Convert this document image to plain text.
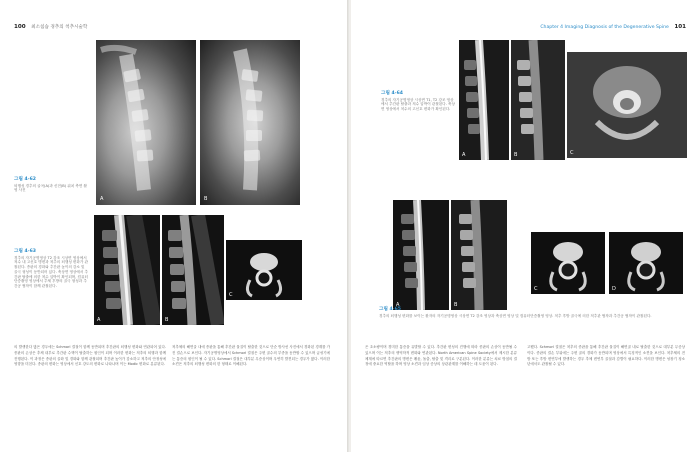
100 최소침습 경추의 척추시술학
A	B
그림 4-62
퇴행성 경추의 굴곡(A)과 신전(B) 위치 측면 촬영 사진
그림 4-63
경추의 자기공명영상 T2 강조 시상면 영상에서 척수 내 고신호 병변과 척추의 퇴행성 변화가 관찰된다. 종판의 경화와 추간판 높이의 감소 및 골극 형성이 동반되어 있다. 축상면 영상에서 추간판 탈출에 의한 척수 압박이 확인되며, 컴퓨터단층촬영 영상에서 추체 후방의 골극 형성과 추간공 협착이 함께 관찰된다.
A	B
C
의 발생한다 많은 경우에는 Schmorl 결절이 함께 동반되며 추간판의 퇴행성 변화와 연관되어 있다. 종판의 손상은 추체 내부로 추간판 수핵이 탈출하는 원인이 되며 이러한 변화는 척추의 퇴행과 함께 진행된다. 이 과정은 종판의 골화 및 경화와 함께 관찰되며 추간판 높이가 감소하고 척추의 안정성에 영향을 미친다. 종판의 변화는 영상에서 신호 강도의 변화로 나타나며 이는 Modic 변화로 분류된다.
척추체의 해면골 내에 종판을 통해 추간판 물질이 탈출한 것으로 단순 방사선 사진에서 경화된 경계를 가진 결손으로 보인다. 자기공명영상에서 Schmorl 결절은 주변 골수의 부종을 동반할 수 있으며 급성기에는 통증의 원인이 될 수 있다. Schmorl 결절은 대부분 무증상이며 우연히 발견되는 경우가 많다. 이러한 소견은 척추의 퇴행성 변화의 한 형태로 이해된다.
Chapter 4 Imaging Diagnosis of the Degenerative Spine 101
그림 4-64
경추의 자기공명영상 시상면 T1, T2 강조 영상에서 추간판 탈출과 척수 압박이 관찰된다. 축상면 영상에서 척수의 고신호 변화가 확인된다.
A	B	C
A	B
C	D
그림 4-65
경추의 퇴행성 변화를 보이는 환자의 자기공명영상 시상면 T2 강조 영상과 축상면 영상 및 컴퓨터단층촬영 영상. 척추 후방 골극에 의한 척추관 협착과 추간공 협착이 관찰된다.
은 초소량이며 경미한 통증을 유발할 수 있다. 추간판 변성의 진행에 따라 종판의 손상이 동반될 수 있으며 이는 척추의 생역학적 변화와 연관된다. North American Spine Society에서 제시한 분류 체계에 따르면 추간판의 병변은 팽윤, 돌출, 탈출 및 격리로 구분된다. 이러한 분류는 치료 방침의 결정에 중요한 역할을 하며 영상 소견과 임상 증상의 상관관계를 이해하는 데 도움이 된다.
고했다. Schmorl 결절은 척추의 종판을 통해 추간판 물질이 해면골 내로 탈출한 것으로 대부분 무증상이다. 종판의 결손 부위에는 주변 골의 경화가 동반되며 영상에서 특징적인 소견을 보인다. 척추체의 전방 또는 후방 변연부에 발생하는 경우 추체 변연부 골절과 감별이 필요하다. 이러한 병변은 성장기 청소년에서도 관찰될 수 있다.
